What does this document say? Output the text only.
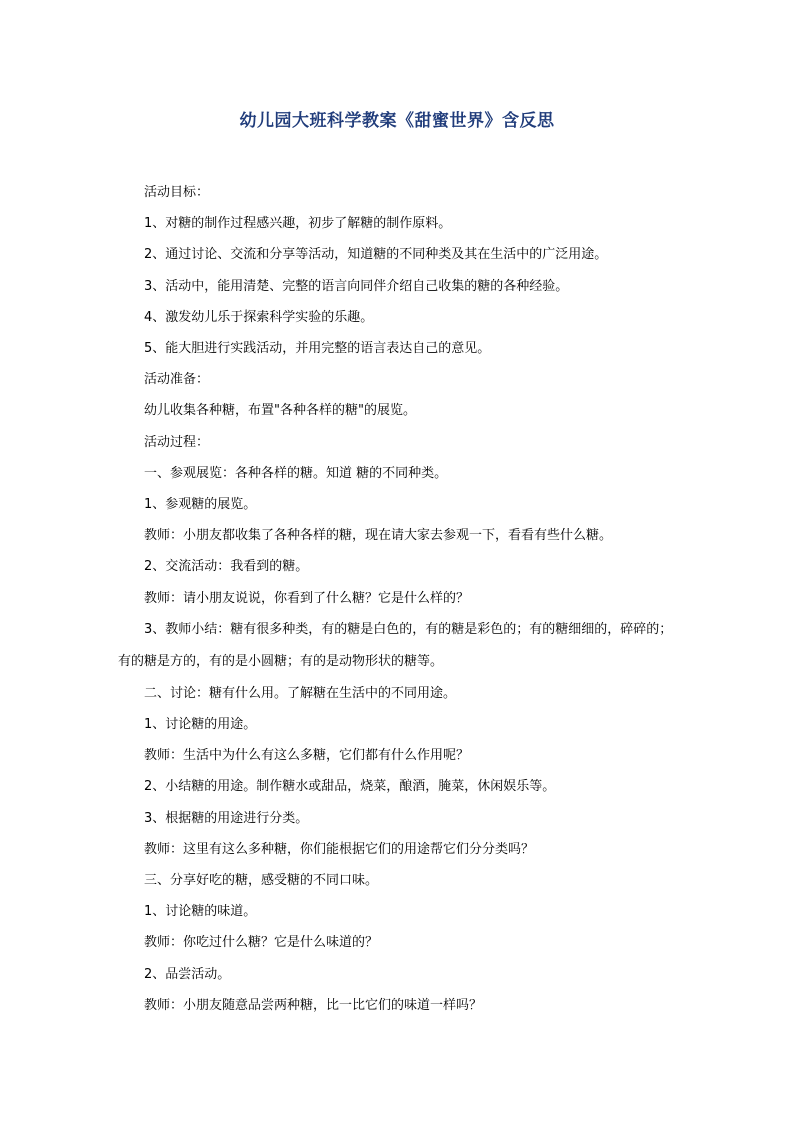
幼儿园大班科学教案《甜蜜世界》含反思

活动目标：

1、对糖的制作过程感兴趣，初步了解糖的制作原料。

2、通过讨论、交流和分享等活动，知道糖的不同种类及其在生活中的广泛用途。

3、活动中，能用清楚、完整的语言向同伴介绍自己收集的糖的各种经验。

4、激发幼儿乐于探索科学实验的乐趣。

5、能大胆进行实践活动，并用完整的语言表达自己的意见。

活动准备：

幼儿收集各种糖，布置"各种各样的糖"的展览。

活动过程：

一、参观展览：各种各样的糖。知道 糖的不同种类。

1、参观糖的展览。

教师：小朋友都收集了各种各样的糖，现在请大家去参观一下，看看有些什么糖。

2、交流活动：我看到的糖。

教师：请小朋友说说，你看到了什么糖？它是什么样的？

3、教师小结：糖有很多种类，有的糖是白色的，有的糖是彩色的；有的糖细细的，碎碎的；有的糖是方的，有的是小圆糖；有的是动物形状的糖等。

二、讨论：糖有什么用。了解糖在生活中的不同用途。

1、讨论糖的用途。

教师：生活中为什么有这么多糖，它们都有什么作用呢？

2、小结糖的用途。制作糖水或甜品，烧菜，酿酒，腌菜，休闲娱乐等。

3、根据糖的用途进行分类。

教师：这里有这么多种糖，你们能根据它们的用途帮它们分分类吗？

三、分享好吃的糖，感受糖的不同口味。

1、讨论糖的味道。

教师：你吃过什么糖？它是什么味道的？

2、品尝活动。

教师：小朋友随意品尝两种糖，比一比它们的味道一样吗？
